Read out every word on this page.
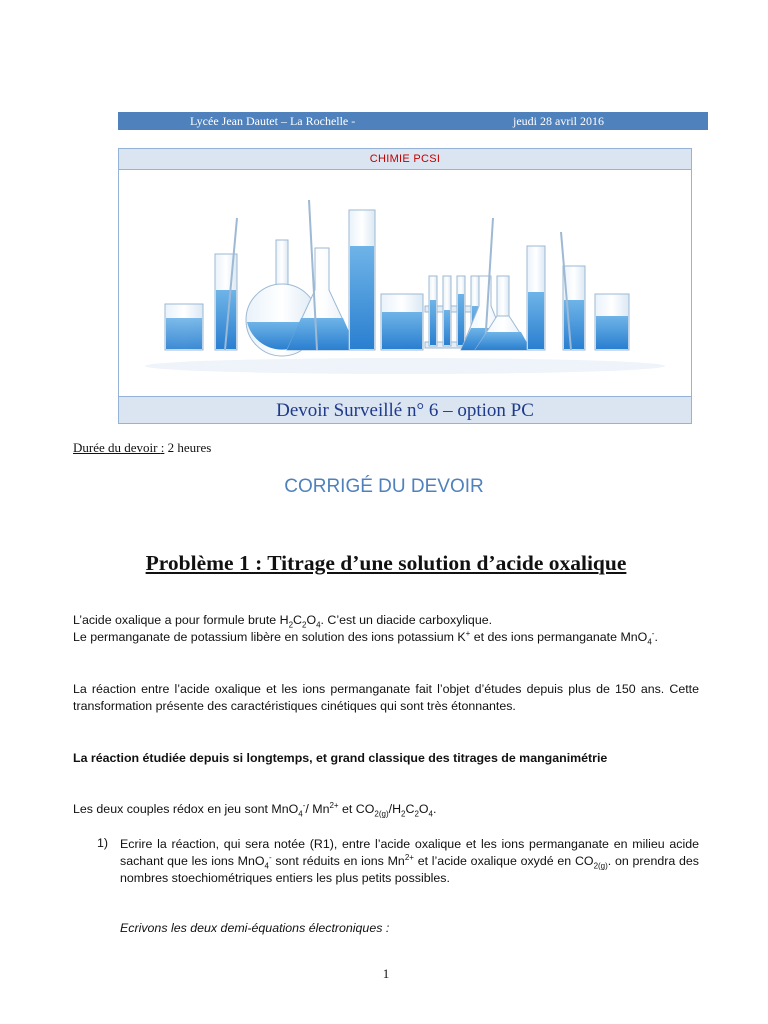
Lycée Jean Dautet – La Rochelle -	jeudi 28 avril 2016
CHIMIE PCSI
Devoir Surveillé n° 6 – option PC
Durée du devoir : 2 heures
CORRIGÉ DU DEVOIR
Problème 1 : Titrage d’une solution d’acide oxalique
L’acide oxalique a pour formule brute $H_2C_2O_4$. C’est un diacide carboxylique.
Le permanganate de potassium libère en solution des ions potassium K+ et des ions permanganate MnO$_4$-.
La réaction entre l’acide oxalique et les ions permanganate fait l’objet d’études depuis plus de 150 ans. Cette transformation présente des caractéristiques cinétiques qui sont très étonnantes.
La réaction étudiée depuis si longtemps, et grand classique des titrages de manganimétrie
Les deux couples rédox en jeu sont MnO$_4$-/ $Mn^{2+}$ et $CO_{2(g)}/H_2C_2O_4$.
1) Ecrire la réaction, qui sera notée (R1), entre l’acide oxalique et les ions permanganate en milieu acide sachant que les ions MnO$_4$- sont réduits en ions $Mn^{2+}$ et l’acide oxalique oxydé en $CO_{2(g)}$. on prendra des nombres stoechiométriques entiers les plus petits possibles.
Ecrivons les deux demi-équations électroniques :
1
